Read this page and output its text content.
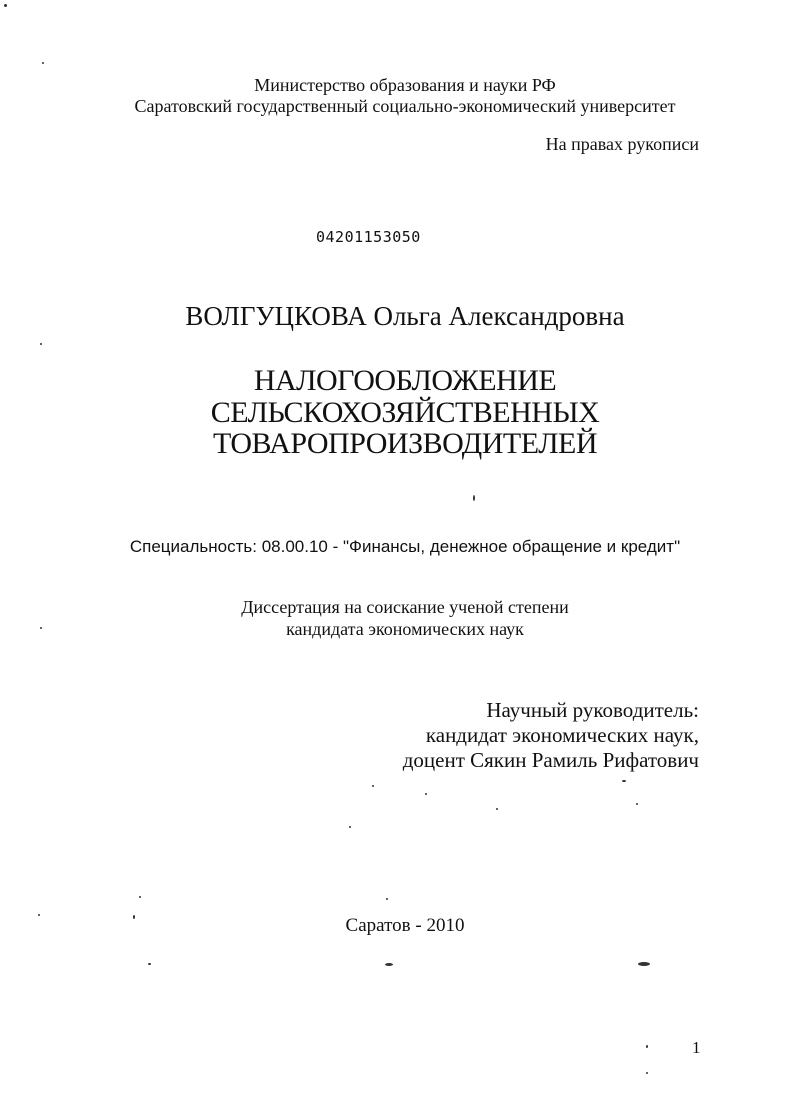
Министерство образования и науки РФ
Саратовский государственный социально-экономический университет
На правах рукописи
04201153050
ВОЛГУЦКОВА Ольга Александровна
НАЛОГООБЛОЖЕНИЕ
СЕЛЬСКОХОЗЯЙСТВЕННЫХ
ТОВАРОПРОИЗВОДИТЕЛЕЙ
Специальность: 08.00.10 - "Финансы, денежное обращение и кредит"
Диссертация на соискание ученой степени
кандидата экономических наук
Научный руководитель:
кандидат экономических наук,
доцент Сякин Рамиль Рифатович
Саратов - 2010
1
